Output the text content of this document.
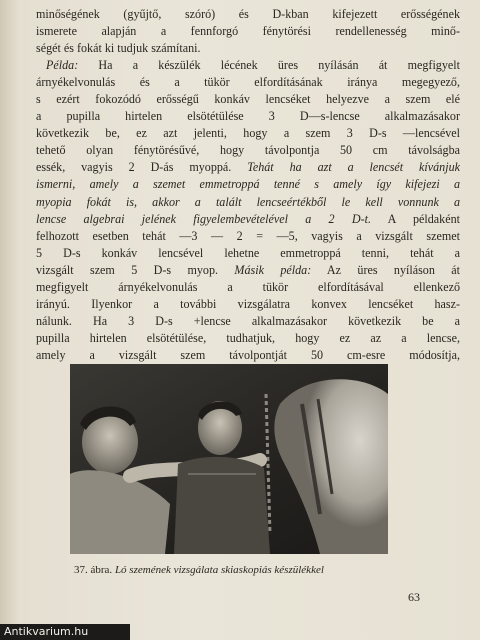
minőségének (gyűjtő, szóró) és D-kban kifejezett erősségének
ismerete alapján a fennforgó fénytörési rendellenesség minő-
ségét és fokát ki tudjuk számítani.
Példa: Ha a készülék lécének üres nyílásán át megfigyelt
árnyékelvonulás és a tükör elfordításának iránya megegyező,
s ezért fokozódó erősségű konkáv lencséket helyezve a szem elé
a pupilla hirtelen elsötétülése 3 D—s-lencse alkalmazásakor
következik be, ez azt jelenti, hogy a szem 3 D-s —lencsével
tehető olyan fénytörésűvé, hogy távolpontja 50 cm távolságba
essék, vagyis 2 D-ás myoppá. Tehát ha azt a lencsét kívánjuk
ismerni, amely a szemet emmetroppá tenné s amely így kifejezi a
myopia fokát is, akkor a talált lencseértékből le kell vonnunk a
lencse algebrai jelének figyelembevételével a 2 D-t. A példaként
felhozott esetben tehát —3 — 2 = —5, vagyis a vizsgált szemet
5 D-s konkáv lencsével lehetne emmetroppá tenni, tehát a
vizsgált szem 5 D-s myop. Másik példa: Az üres nyíláson át
megfigyelt árnyékelvonulás a tükör elfordításával ellenkező
irányú. Ilyenkor a további vizsgálatra konvex lencséket hasz-
nálunk. Ha 3 D-s +lencse alkalmazásakor következik be a
pupilla hirtelen elsötétülése, tudhatjuk, hogy ez az a lencse,
amely a vizsgált szem távolpontját 50 cm-esre módosítja,
37. ábra. Ló szemének vizsgálata skiaskopiás készülékkel
63
Antikvarium.hu
